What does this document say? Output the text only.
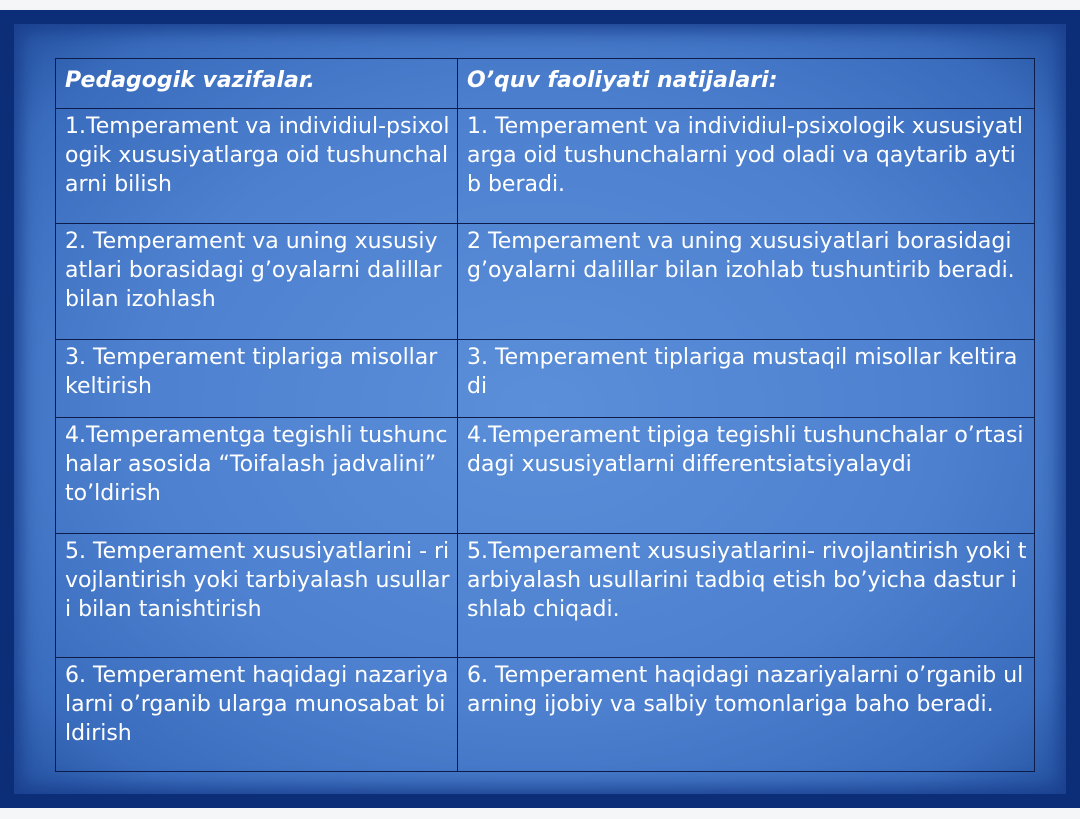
Pedagogik vazifalar.	O’quv faoliyati natijalari:
1.Temperament va individiul-psixologik xususiyatlarga oid tushunchalarni bilish	1. Temperament va individiul-psixologik xususiyatlarga oid tushunchalarni yod oladi va qaytarib aytib beradi.
2. Temperament va uning xususiyatlari borasidagi g’oyalarni dalillar bilan izohlash	2 Temperament va uning xususiyatlari borasidagi g’oyalarni dalillar bilan izohlab tushuntirib beradi.
3. Temperament tiplariga misollar keltirish	3. Temperament tiplariga mustaqil misollar keltiradi
4.Temperamentga tegishli tushunchalar asosida “Toifalash jadvalini” to’ldirish	4.Temperament tipiga tegishli tushunchalar o’rtasidagi xususiyatlarni differentsiatsiyalaydi
5. Temperament xususiyatlarini - rivojlantirish yoki tarbiyalash usullari bilan tanishtirish	5.Temperament xususiyatlarini- rivojlantirish yoki tarbiyalash usullarini tadbiq etish bo’yicha dastur ishlab chiqadi.
6. Temperament haqidagi nazariyalarni o’rganib ularga munosabat bildirish	6. Temperament haqidagi nazariyalarni o’rganib ularning ijobiy va salbiy tomonlariga baho beradi.
